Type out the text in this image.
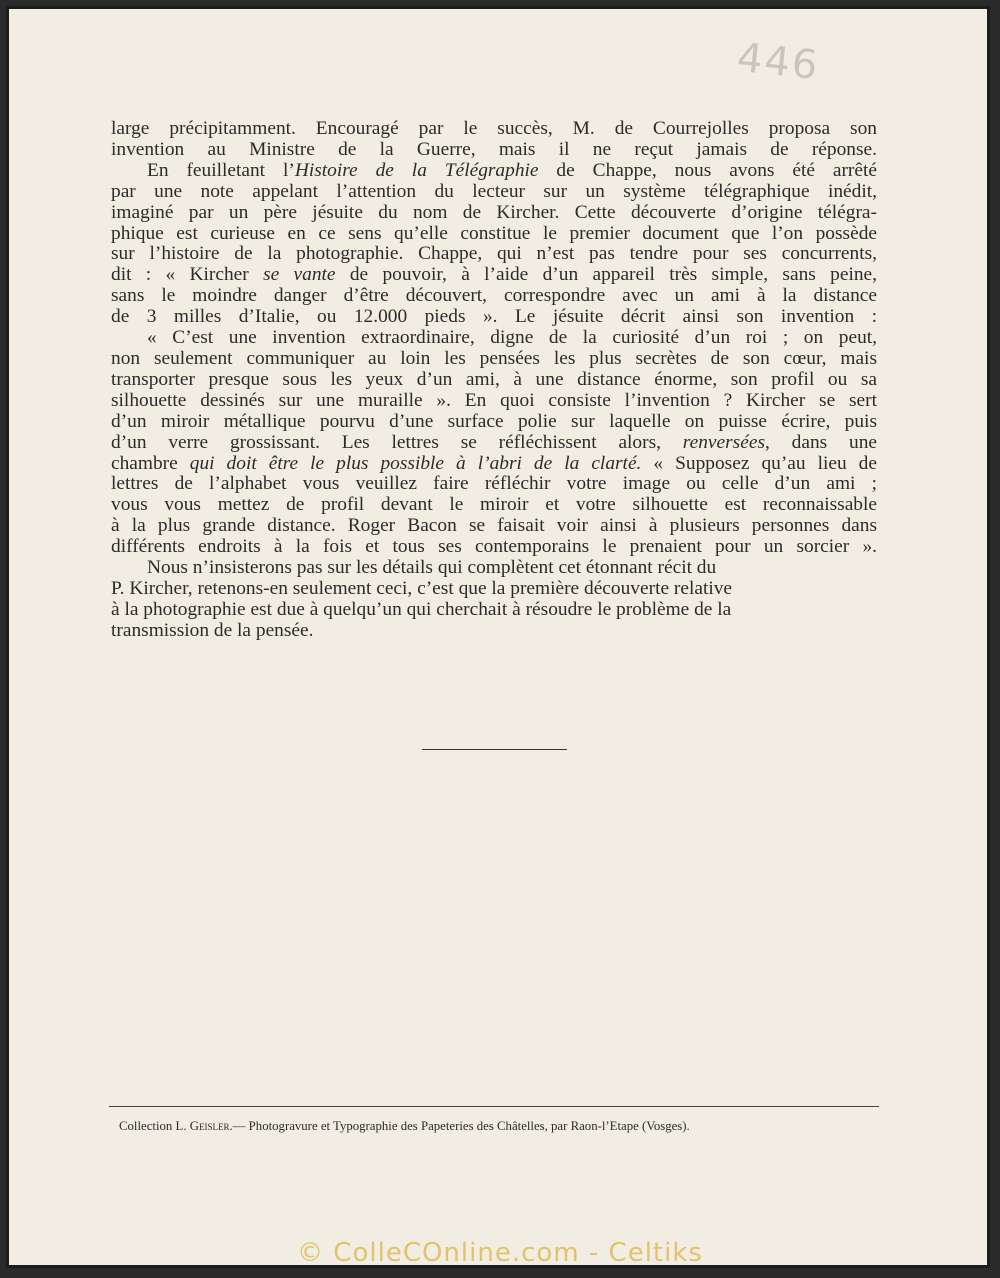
446

large précipitamment. Encouragé par le succès, M. de Courrejolles proposa son
invention au Ministre de la Guerre, mais il ne reçut jamais de réponse.

En feuilletant l’Histoire de la Télégraphie de Chappe, nous avons été arrêté
par une note appelant l’attention du lecteur sur un système télégraphique inédit,
imaginé par un père jésuite du nom de Kircher. Cette découverte d’origine télégra-
phique est curieuse en ce sens qu’elle constitue le premier document que l’on possède
sur l’histoire de la photographie. Chappe, qui n’est pas tendre pour ses concurrents,
dit : « Kircher se vante de pouvoir, à l’aide d’un appareil très simple, sans peine,
sans le moindre danger d’être découvert, correspondre avec un ami à la distance
de 3 milles d’Italie, ou 12.000 pieds ». Le jésuite décrit ainsi son invention :

« C’est une invention extraordinaire, digne de la curiosité d’un roi ; on peut,
non seulement communiquer au loin les pensées les plus secrètes de son cœur, mais
transporter presque sous les yeux d’un ami, à une distance énorme, son profil ou sa
silhouette dessinés sur une muraille ». En quoi consiste l’invention ? Kircher se sert
d’un miroir métallique pourvu d’une surface polie sur laquelle on puisse écrire, puis
d’un verre grossissant. Les lettres se réfléchissent alors, renversées, dans une
chambre qui doit être le plus possible à l’abri de la clarté. « Supposez qu’au lieu de
lettres de l’alphabet vous veuillez faire réfléchir votre image ou celle d’un ami ;
vous vous mettez de profil devant le miroir et votre silhouette est reconnaissable
à la plus grande distance. Roger Bacon se faisait voir ainsi à plusieurs personnes dans
différents endroits à la fois et tous ses contemporains le prenaient pour un sorcier ».

Nous n’insisterons pas sur les détails qui complètent cet étonnant récit du
P. Kircher, retenons-en seulement ceci, c’est que la première découverte relative
à la photographie est due à quelqu’un qui cherchait à résoudre le problème de la
transmission de la pensée.

Collection L. Geisler.— Photogravure et Typographie des Papeteries des Châtelles, par Raon-l’Etape (Vosges).
© ColleCOnline.com - Celtiks
